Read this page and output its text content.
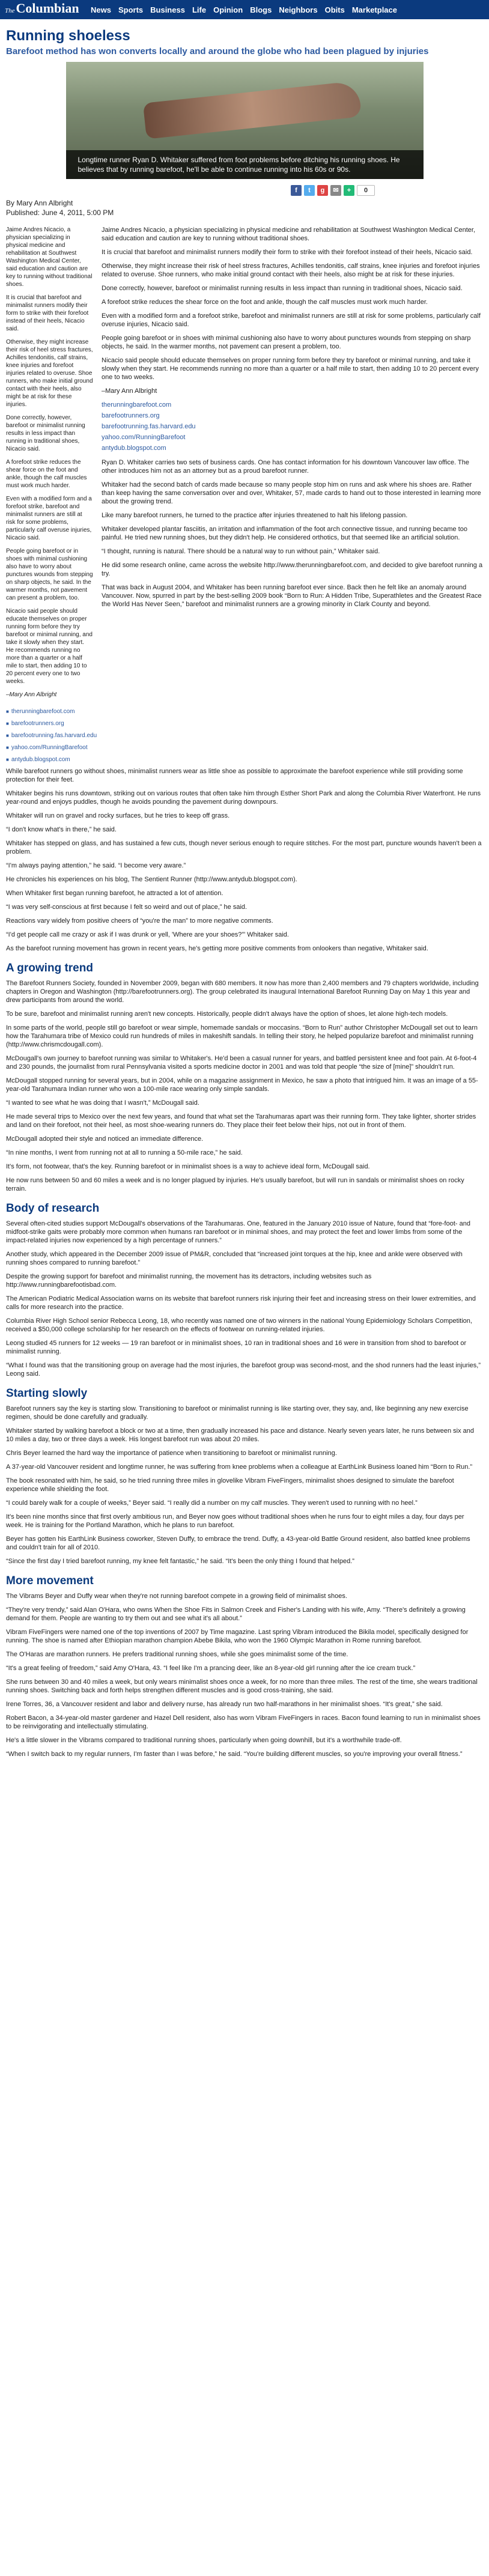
TheColumbian	News Sports Business Life Opinion Blogs Neighbors Obits Marketplace
Running shoeless
Barefoot method has won converts locally and around the globe who had been plagued by injuries
Longtime runner Ryan D. Whitaker suffered from foot problems before ditching his running shoes. He believes that by running barefoot, he'll be able to continue running into his 60s or 90s.
f	t	g	✉	+	0
By Mary Ann Albright
Published: June 4, 2011, 5:00 PM

Jaime Andres Nicacio, a physician specializing in physical medicine and rehabilitation at Southwest Washington Medical Center, said education and caution are key to running without traditional shoes.

It is crucial that barefoot and minimalist runners modify their form to strike with their forefoot instead of their heels, Nicacio said.

Otherwise, they might increase their risk of heel stress fractures, Achilles tendonitis, calf strains, knee injuries and forefoot injuries related to overuse. Shoe runners, who make initial ground contact with their heels, also might be at risk for these injuries.

Done correctly, however, barefoot or minimalist running results in less impact than running in traditional shoes, Nicacio said.

A forefoot strike reduces the shear force on the foot and ankle, though the calf muscles must work much harder.

Even with a modified form and a forefoot strike, barefoot and minimalist runners are still at risk for some problems, particularly calf overuse injuries, Nicacio said.

People going barefoot or in shoes with minimal cushioning also have to worry about punctures wounds from stepping on sharp objects, he said. In the warmer months, not pavement can present a problem, too.

Nicacio said people should educate themselves on proper running form before they try barefoot or minimal running, and take it slowly when they start. He recommends running no more than a quarter or a half mile to start, then adding 10 to 20 percent every one to two weeks.

–Mary Ann Albright

■ therunningbarefoot.com
■ barefootrunners.org
■ barefootrunning.fas.harvard.edu
■ yahoo.com/RunningBarefoot
■ antydub.blogspot.com

Jaime Andres Nicacio, a physician specializing in physical medicine and rehabilitation at Southwest Washington Medical Center, said education and caution are key to running without traditional shoes.

It is crucial that barefoot and minimalist runners modify their form to strike with their forefoot instead of their heels, Nicacio said.

Otherwise, they might increase their risk of heel stress fractures, Achilles tendonitis, calf strains, knee injuries and forefoot injuries related to overuse. Shoe runners, who make initial ground contact with their heels, also might be at risk for these injuries.

Done correctly, however, barefoot or minimalist running results in less impact than running in traditional shoes, Nicacio said.

A forefoot strike reduces the shear force on the foot and ankle, though the calf muscles must work much harder.

Even with a modified form and a forefoot strike, barefoot and minimalist runners are still at risk for some problems, particularly calf overuse injuries, Nicacio said.

People going barefoot or in shoes with minimal cushioning also have to worry about punctures wounds from stepping on sharp objects, he said. In the warmer months, not pavement can present a problem, too.

Nicacio said people should educate themselves on proper running form before they try barefoot or minimal running, and take it slowly when they start. He recommends running no more than a quarter or a half mile to start, then adding 10 to 20 percent every one to two weeks.

–Mary Ann Albright

therunningbarefoot.com
barefootrunners.org
barefootrunning.fas.harvard.edu
yahoo.com/RunningBarefoot
antydub.blogspot.com

Ryan D. Whitaker carries two sets of business cards. One has contact information for his downtown Vancouver law office. The other introduces him not as an attorney but as a proud barefoot runner.

Whitaker had the second batch of cards made because so many people stop him on runs and ask where his shoes are. Rather than keep having the same conversation over and over, Whitaker, 57, made cards to hand out to those interested in learning more about the growing trend.

Like many barefoot runners, he turned to the practice after injuries threatened to halt his lifelong passion.

Whitaker developed plantar fasciitis, an irritation and inflammation of the foot arch connective tissue, and running became too painful. He tried new running shoes, but they didn't help. He considered orthotics, but that seemed like an artificial solution.

“I thought, running is natural. There should be a natural way to run without pain,” Whitaker said.

He did some research online, came across the website http://www.therunningbarefoot.com, and decided to give barefoot running a try.

That was back in August 2004, and Whitaker has been running barefoot ever since. Back then he felt like an anomaly around Vancouver. Now, spurred in part by the best-selling 2009 book “Born to Run: A Hidden Tribe, Superathletes and the Greatest Race the World Has Never Seen,” barefoot and minimalist runners are a growing minority in Clark County and beyond.

While barefoot runners go without shoes, minimalist runners wear as little shoe as possible to approximate the barefoot experience while still providing some protection for their feet.

Whitaker begins his runs downtown, striking out on various routes that often take him through Esther Short Park and along the Columbia River Waterfront. He runs year-round and enjoys puddles, though he avoids pounding the pavement during downpours.

Whitaker will run on gravel and rocky surfaces, but he tries to keep off grass.

“I don't know what's in there,” he said.

Whitaker has stepped on glass, and has sustained a few cuts, though never serious enough to require stitches. For the most part, puncture wounds haven't been a problem.

“I'm always paying attention,” he said. “I become very aware.”

He chronicles his experiences on his blog, The Sentient Runner (http://www.antydub.blogspot.com).

When Whitaker first began running barefoot, he attracted a lot of attention.

“I was very self-conscious at first because I felt so weird and out of place,” he said.

Reactions vary widely from positive cheers of “you're the man” to more negative comments.

“I'd get people call me crazy or ask if I was drunk or yell, 'Where are your shoes?'” Whitaker said.

As the barefoot running movement has grown in recent years, he's getting more positive comments from onlookers than negative, Whitaker said.

A growing trend

The Barefoot Runners Society, founded in November 2009, began with 680 members. It now has more than 2,400 members and 79 chapters worldwide, including chapters in Oregon and Washington (http://barefootrunners.org). The group celebrated its inaugural International Barefoot Running Day on May 1 this year and drew participants from around the world.

To be sure, barefoot and minimalist running aren't new concepts. Historically, people didn't always have the option of shoes, let alone high-tech models.

In some parts of the world, people still go barefoot or wear simple, homemade sandals or moccasins. “Born to Run” author Christopher McDougall set out to learn how the Tarahumara tribe of Mexico could run hundreds of miles in makeshift sandals. In telling their story, he helped popularize barefoot and minimalist running (http://www.chrismcdougall.com).

McDougall's own journey to barefoot running was similar to Whitaker's. He'd been a casual runner for years, and battled persistent knee and foot pain. At 6-foot-4 and 230 pounds, the journalist from rural Pennsylvania visited a sports medicine doctor in 2001 and was told that people “the size of [mine]” shouldn't run.

McDougall stopped running for several years, but in 2004, while on a magazine assignment in Mexico, he saw a photo that intrigued him. It was an image of a 55-year-old Tarahumara Indian runner who won a 100-mile race wearing only simple sandals.

“I wanted to see what he was doing that I wasn't,” McDougall said.

He made several trips to Mexico over the next few years, and found that what set the Tarahumaras apart was their running form. They take lighter, shorter strides and land on their forefoot, not their heel, as most shoe-wearing runners do. They place their feet below their hips, not out in front of them.

McDougall adopted their style and noticed an immediate difference.

“In nine months, I went from running not at all to running a 50-mile race,” he said.

It's form, not footwear, that's the key. Running barefoot or in minimalist shoes is a way to achieve ideal form, McDougall said.

He now runs between 50 and 60 miles a week and is no longer plagued by injuries. He's usually barefoot, but will run in sandals or minimalist shoes on rocky terrain.

Body of research

Several often-cited studies support McDougall's observations of the Tarahumaras. One, featured in the January 2010 issue of Nature, found that “fore-foot- and midfoot-strike gaits were probably more common when humans ran barefoot or in minimal shoes, and may protect the feet and lower limbs from some of the impact-related injuries now experienced by a high percentage of runners.”

Another study, which appeared in the December 2009 issue of PM&R, concluded that “increased joint torques at the hip, knee and ankle were observed with running shoes compared to running barefoot.”

Despite the growing support for barefoot and minimalist running, the movement has its detractors, including websites such as http://www.runningbarefootisbad.com.

The American Podiatric Medical Association warns on its website that barefoot runners risk injuring their feet and increasing stress on their lower extremities, and calls for more research into the practice.

Columbia River High School senior Rebecca Leong, 18, who recently was named one of two winners in the national Young Epidemiology Scholars Competition, received a $50,000 college scholarship for her research on the effects of footwear on running-related injuries.

Leong studied 45 runners for 12 weeks — 19 ran barefoot or in minimalist shoes, 10 ran in traditional shoes and 16 were in transition from shod to barefoot or minimalist running.

“What I found was that the transitioning group on average had the most injuries, the barefoot group was second-most, and the shod runners had the least injuries,” Leong said.

Starting slowly

Barefoot runners say the key is starting slow. Transitioning to barefoot or minimalist running is like starting over, they say, and, like beginning any new exercise regimen, should be done carefully and gradually.

Whitaker started by walking barefoot a block or two at a time, then gradually increased his pace and distance. Nearly seven years later, he runs between six and 10 miles a day, two or three days a week. His longest barefoot run was about 20 miles.

Chris Beyer learned the hard way the importance of patience when transitioning to barefoot or minimalist running.

A 37-year-old Vancouver resident and longtime runner, he was suffering from knee problems when a colleague at EarthLink Business loaned him “Born to Run.”

The book resonated with him, he said, so he tried running three miles in glovelike Vibram FiveFingers, minimalist shoes designed to simulate the barefoot experience while shielding the foot.

“I could barely walk for a couple of weeks,” Beyer said. “I really did a number on my calf muscles. They weren't used to running with no heel.”

It's been nine months since that first overly ambitious run, and Beyer now goes without traditional shoes when he runs four to eight miles a day, four days per week. He is training for the Portland Marathon, which he plans to run barefoot.

Beyer has gotten his EarthLink Business coworker, Steven Duffy, to embrace the trend. Duffy, a 43-year-old Battle Ground resident, also battled knee problems and couldn't train for all of 2010.

“Since the first day I tried barefoot running, my knee felt fantastic,” he said. “It's been the only thing I found that helped.”

More movement

The Vibrams Beyer and Duffy wear when they're not running barefoot compete in a growing field of minimalist shoes.

“They're very trendy,” said Alan O'Hara, who owns When the Shoe Fits in Salmon Creek and Fisher's Landing with his wife, Amy. “There's definitely a growing demand for them. People are wanting to try them out and see what it's all about.”

Vibram FiveFingers were named one of the top inventions of 2007 by Time magazine. Last spring Vibram introduced the Bikila model, specifically designed for running. The shoe is named after Ethiopian marathon champion Abebe Bikila, who won the 1960 Olympic Marathon in Rome running barefoot.

The O'Haras are marathon runners. He prefers traditional running shoes, while she goes minimalist some of the time.

“It's a great feeling of freedom,” said Amy O'Hara, 43. “I feel like I'm a prancing deer, like an 8-year-old girl running after the ice cream truck.”

She runs between 30 and 40 miles a week, but only wears minimalist shoes once a week, for no more than three miles. The rest of the time, she wears traditional running shoes. Switching back and forth helps strengthen different muscles and is good cross-training, she said.

Irene Torres, 36, a Vancouver resident and labor and delivery nurse, has already run two half-marathons in her minimalist shoes. “It's great,” she said.

Robert Bacon, a 34-year-old master gardener and Hazel Dell resident, also has worn Vibram FiveFingers in races. Bacon found learning to run in minimalist shoes to be reinvigorating and intellectually stimulating.

He's a little slower in the Vibrams compared to traditional running shoes, particularly when going downhill, but it's a worthwhile trade-off.

“When I switch back to my regular runners, I'm faster than I was before,” he said. “You're building different muscles, so you're improving your overall fitness.”
